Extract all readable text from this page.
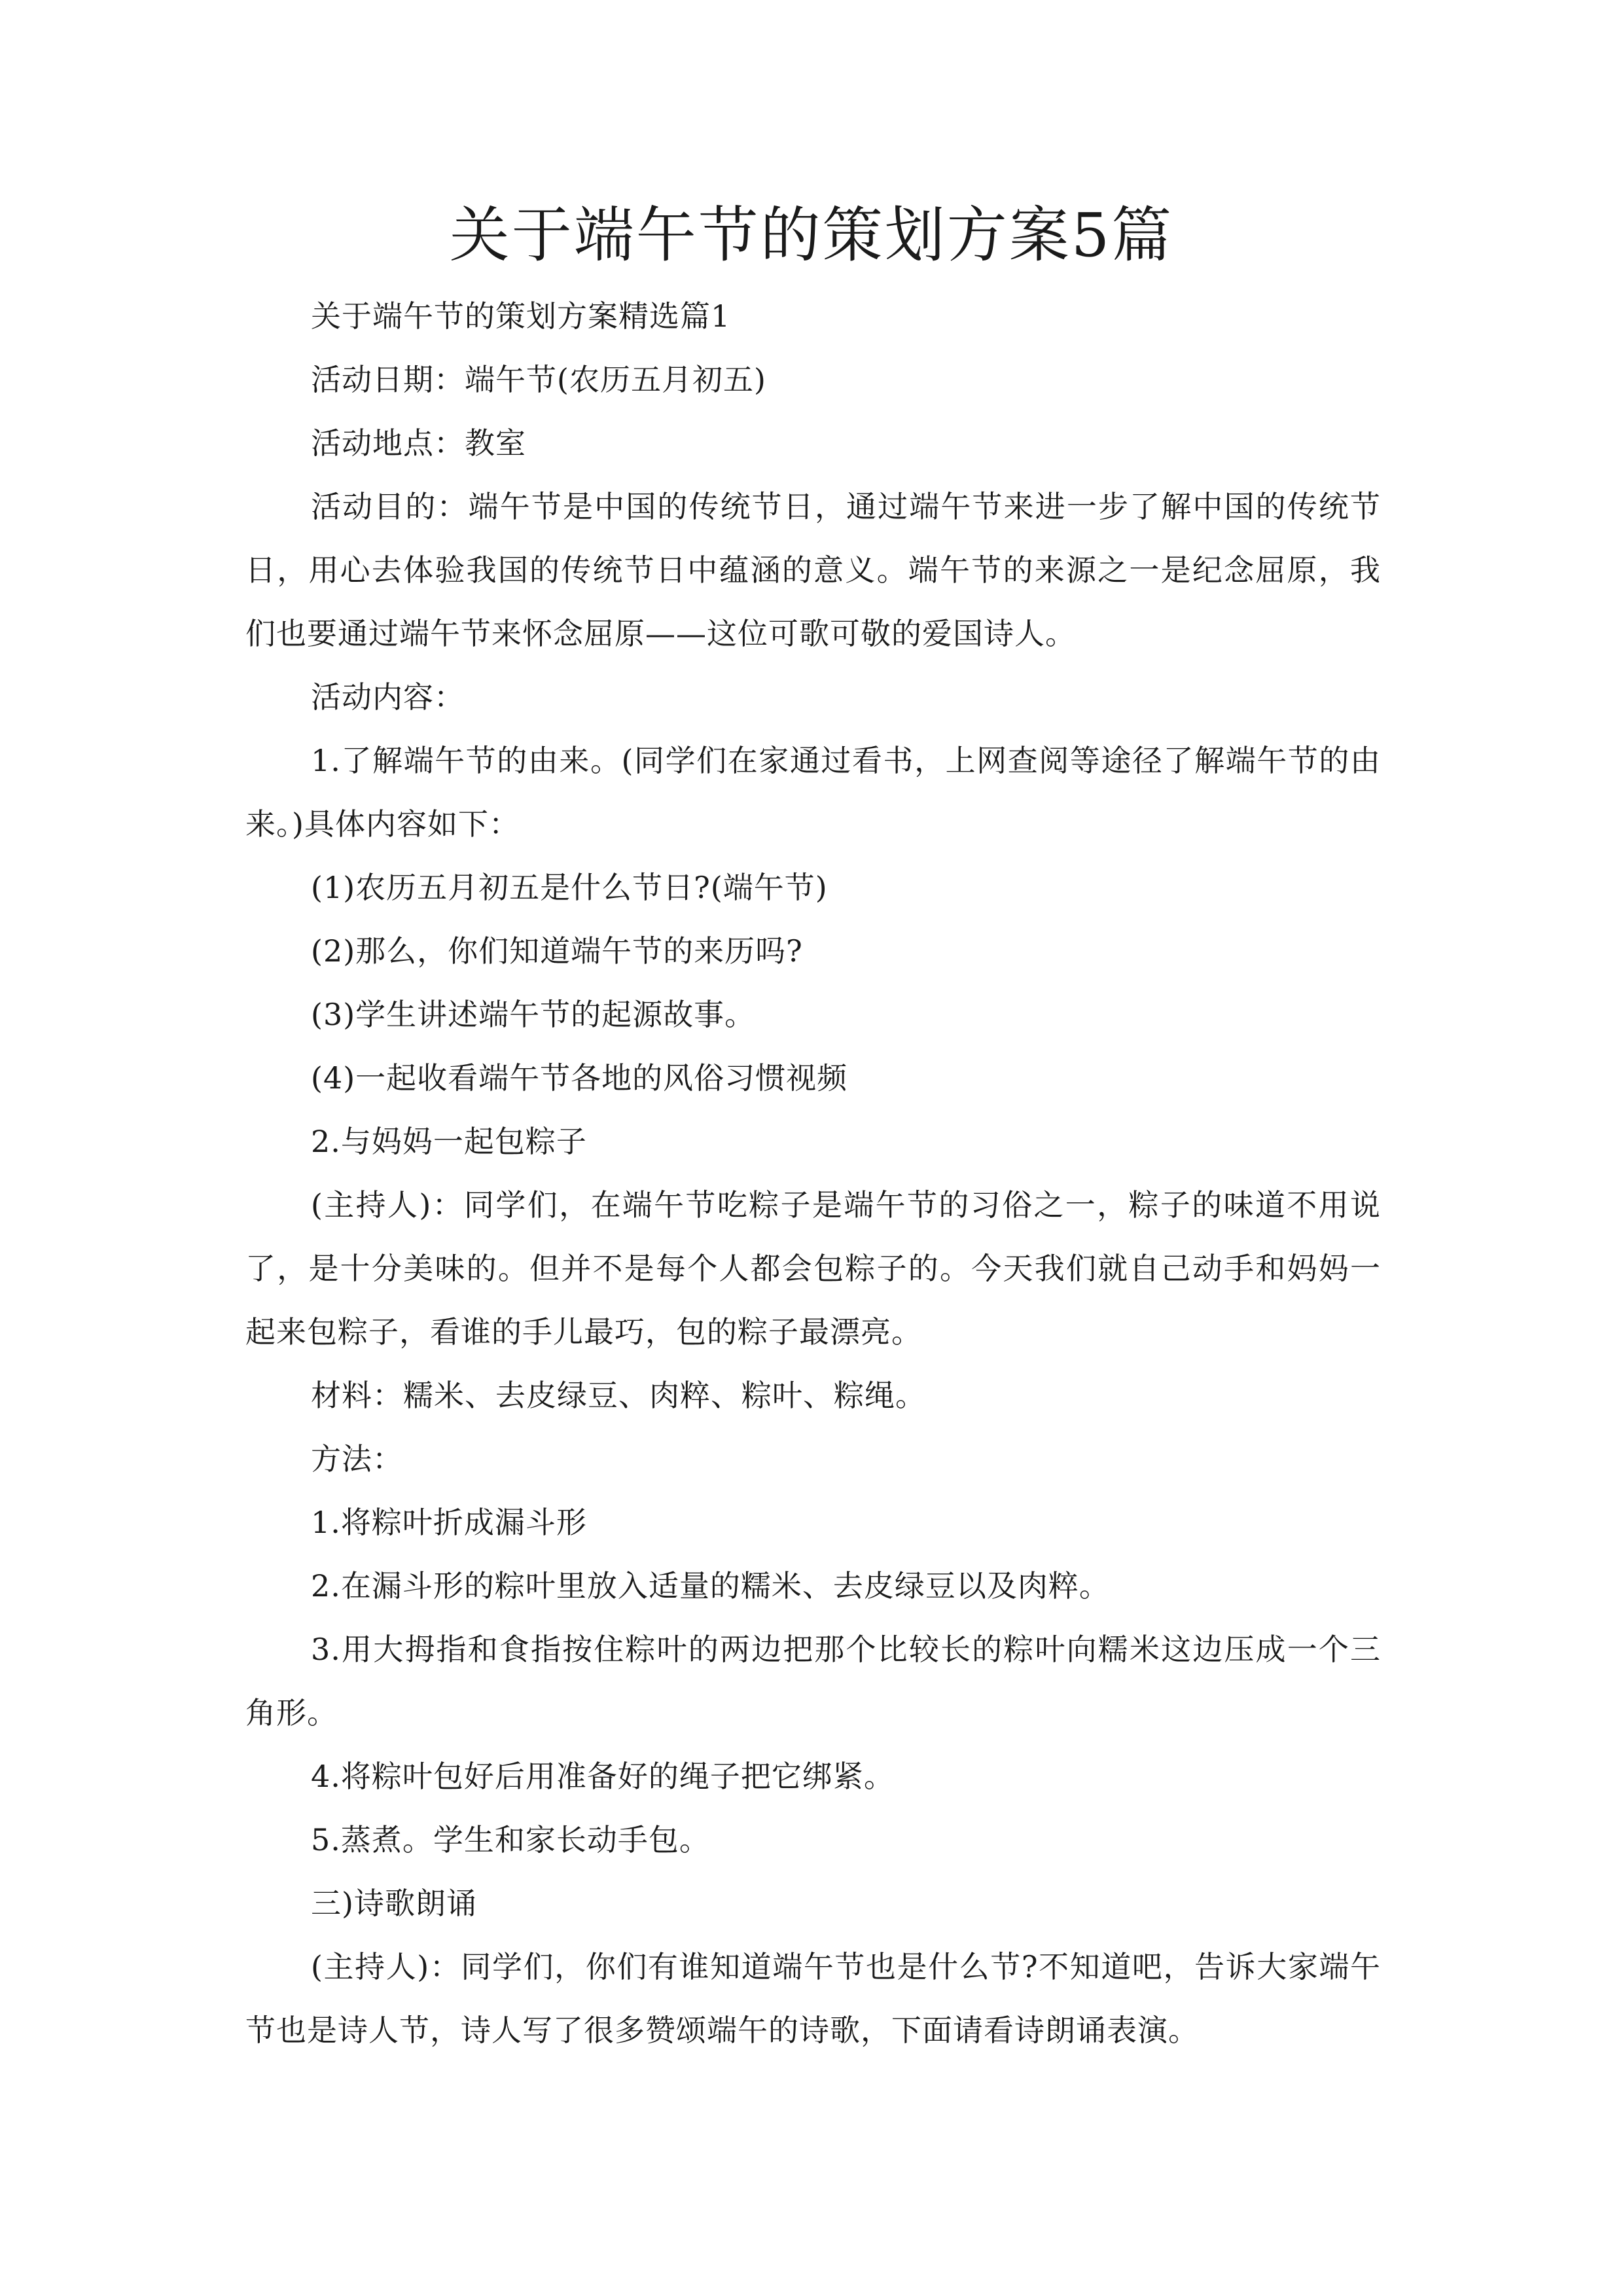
关于端午节的策划方案5篇

关于端午节的策划方案精选篇1

活动日期：端午节(农历五月初五)

活动地点：教室

活动目的：端午节是中国的传统节日，通过端午节来进一步了解中国的传统节日，用心去体验我国的传统节日中蕴涵的意义。端午节的来源之一是纪念屈原，我们也要通过端午节来怀念屈原——这位可歌可敬的爱国诗人。

活动内容：

1.了解端午节的由来。(同学们在家通过看书，上网查阅等途径了解端午节的由来。)具体内容如下：

(1)农历五月初五是什么节日?(端午节)

(2)那么，你们知道端午节的来历吗?

(3)学生讲述端午节的起源故事。

(4)一起收看端午节各地的风俗习惯视频

2.与妈妈一起包粽子

(主持人)：同学们，在端午节吃粽子是端午节的习俗之一，粽子的味道不用说了，是十分美味的。但并不是每个人都会包粽子的。今天我们就自己动手和妈妈一起来包粽子，看谁的手儿最巧，包的粽子最漂亮。

材料：糯米、去皮绿豆、肉粹、粽叶、粽绳。

方法：

1.将粽叶折成漏斗形

2.在漏斗形的粽叶里放入适量的糯米、去皮绿豆以及肉粹。

3.用大拇指和食指按住粽叶的两边把那个比较长的粽叶向糯米这边压成一个三角形。

4.将粽叶包好后用准备好的绳子把它绑紧。

5.蒸煮。学生和家长动手包。

三)诗歌朗诵

(主持人)：同学们，你们有谁知道端午节也是什么节?不知道吧，告诉大家端午节也是诗人节，诗人写了很多赞颂端午的诗歌，下面请看诗朗诵表演。
